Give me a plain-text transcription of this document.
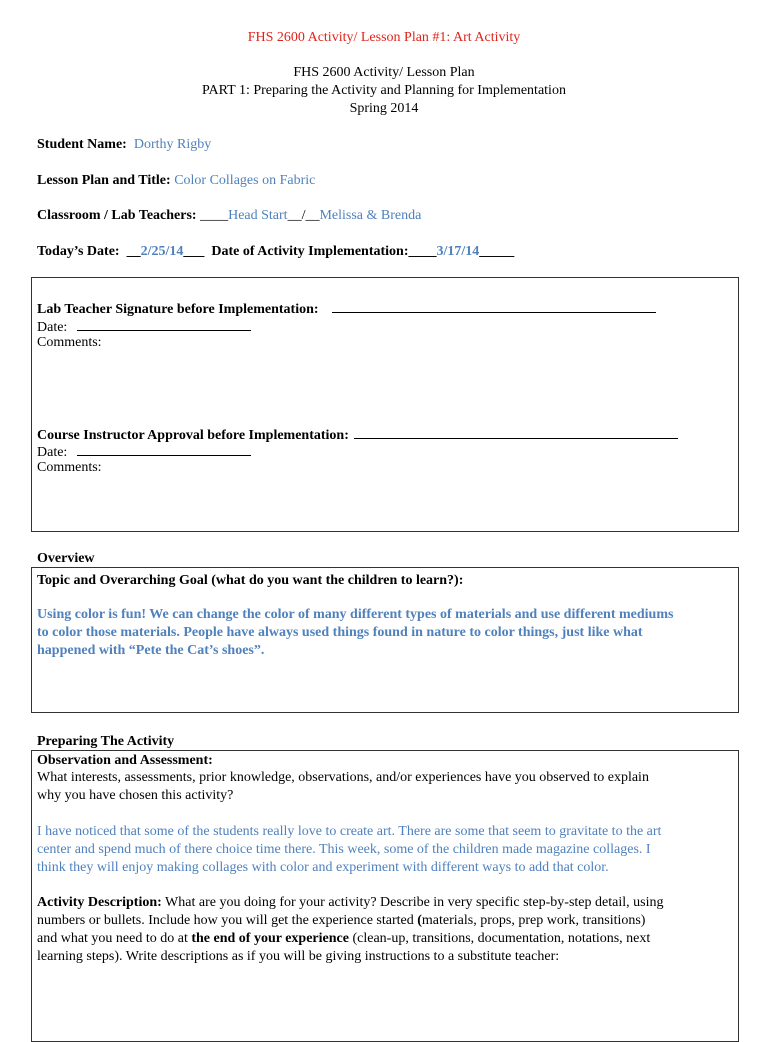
FHS 2600 Activity/ Lesson Plan #1: Art Activity
FHS 2600 Activity/ Lesson Plan
PART 1: Preparing the Activity and Planning for Implementation
Spring 2014
Student Name: Dorthy Rigby
Lesson Plan and Title: Color Collages on Fabric
Classroom / Lab Teachers: ____Head Start__/__Melissa & Brenda
Today’s Date: __2/25/14___ Date of Activity Implementation:____3/17/14_____
Lab Teacher Signature before Implementation:
Date:
Comments:
Course Instructor Approval before Implementation:
Date:
Comments:
Overview
Topic and Overarching Goal (what do you want the children to learn?):
Using color is fun! We can change the color of many different types of materials and use different mediums
to color those materials. People have always used things found in nature to color things, just like what
happened with “Pete the Cat’s shoes”.
Preparing The Activity
Observation and Assessment:
What interests, assessments, prior knowledge, observations, and/or experiences have you observed to explain
why you have chosen this activity?
I have noticed that some of the students really love to create art. There are some that seem to gravitate to the art
center and spend much of there choice time there. This week, some of the children made magazine collages. I
think they will enjoy making collages with color and experiment with different ways to add that color.
Activity Description: What are you doing for your activity? Describe in very specific step-by-step detail, using
numbers or bullets. Include how you will get the experience started (materials, props, prep work, transitions)
and what you need to do at the end of your experience (clean-up, transitions, documentation, notations, next
learning steps). Write descriptions as if you will be giving instructions to a substitute teacher:
